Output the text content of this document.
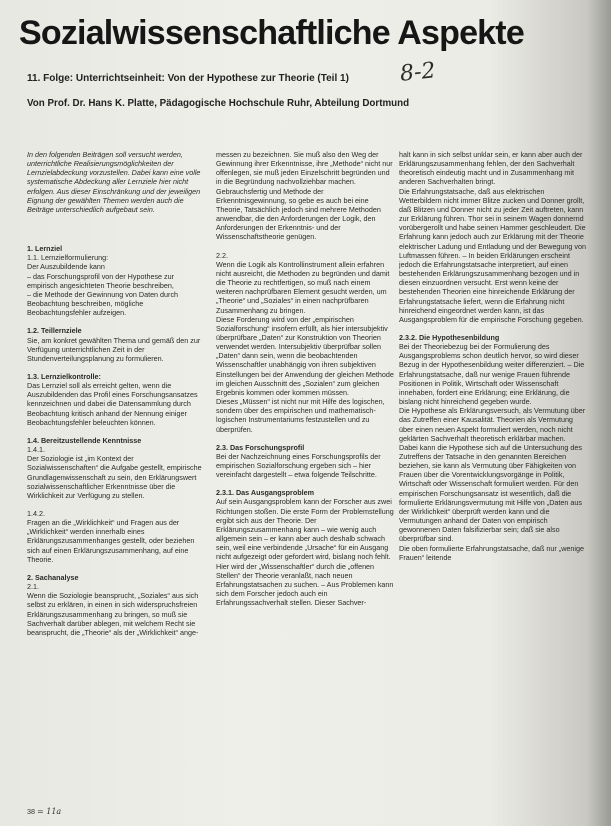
Sozialwissenschaftliche Aspekte

11. Folge: Unterrichtseinheit: Von der Hypothese zur Theorie (Teil 1) 8-2

Von Prof. Dr. Hans K. Platte, Pädagogische Hochschule Ruhr, Abteilung Dortmund

In den folgenden Beiträgen soll versucht werden, unterrichtliche Realisierungsmöglichkeiten der Lernzielabdeckung vorzustellen. Dabei kann eine volle systematische Abdeckung aller Lernziele hier nicht erfolgen. Aus dieser Einschränkung und der jeweiligen Eignung der gewählten Themen werden auch die Beiträge unterschiedlich aufgebaut sein.

1. Lernziel

1.1. Lernzielformulierung:

Der Auszubildende kann

– das Forschungsprofil von der Hypothese zur empirisch angesichteten Theorie beschreiben,

– die Methode der Gewinnung von Daten durch Beobachtung beschreiben, mögliche Beobachtungsfehler aufzeigen.

1.2. Teillernziele

Sie, am konkret gewählten Thema und gemäß den zur Verfügung unterrichtlichen Zeit in der Stundenverteilungsplanung zu formulieren.

1.3. Lernzielkontrolle:

Das Lernziel soll als erreicht gelten, wenn die Auszubildenden das Profil eines Forschungsansatzes kennzeichnen und dabei die Datensammlung durch Beobachtung kritisch anhand der Nennung einiger Beobachtungsfehler beleuchten können.

1.4. Bereitzustellende Kenntnisse

1.4.1.

Der Soziologie ist „im Kontext der Sozialwissenschaften“ die Aufgabe gestellt, empirische Grundlagenwissenschaft zu sein, den Erklärungswert sozialwissenschaftlicher Erkenntnisse über die Wirklichkeit zur Verfügung zu stellen.

1.4.2.

Fragen an die „Wirklichkeit“ und Fragen aus der „Wirklichkeit“ werden innerhalb eines Erklärungszusammenhanges gestellt, oder beziehen sich auf einen Erklärungszusammenhang, auf eine Theorie.

2. Sachanalyse

2.1.

Wenn die Soziologie beansprucht, „Soziales“ aus sich selbst zu erklären, in einen in sich widerspruchsfreien Erklärungszusammenhang zu bringen, so muß sie Sachverhalt darüber ablegen, mit welchem Recht sie beansprucht, die „Theorie“ als der „Wirklichkeit“ ange-

messen zu bezeichnen. Sie muß also den Weg der Gewinnung ihrer Erkenntnisse, ihre „Methode“ nicht nur offenlegen, sie muß jeden Einzelschritt begründen und in die Begründung nachvollziehbar machen. Gebrauchsfertig und Methode der Erkenntnisgewinnung, so gebe es auch bei eine Theorie, Tatsächlich jedoch sind mehrere Methoden anwendbar, die den Anforderungen der Logik, den Anforderungen der Erkenntnis- und der Wissenschaftstheorie genügen.

2.2.

Wenn die Logik als Kontrollinstrument allein erfahren nicht ausreicht, die Methoden zu begründen und damit die Theorie zu rechtfertigen, so muß nach einem weiteren nachprüfbaren Element gesucht werden, um „Theorie“ und „Soziales“ in einen nachprüfbaren Zusammenhang zu bringen.

Diese Forderung wird von der „empirischen Sozialforschung“ insofern erfüllt, als hier intersubjektiv überprüfbare „Daten“ zur Konstruktion von Theorien verwendet werden. Intersubjektiv überprüfbar sollen „Daten“ dann sein, wenn die beobachtenden Wissenschaftler unabhängig von ihren subjektiven Einstellungen bei der Anwendung der gleichen Methode im gleichen Ausschnitt des „Sozialen“ zum gleichen Ergebnis kommen oder kommen müssen.

Dieses „Müssen“ ist nicht nur mit Hilfe des logischen, sondern über des empirischen und mathematisch-logischen Instrumentariums festzustellen und zu überprüfen.

2.3. Das Forschungsprofil

Bei der Nachzeichnung eines Forschungsprofils der empirischen Sozialforschung ergeben sich – hier vereinfacht dargestellt – etwa folgende Teilschritte.

2.3.1. Das Ausgangsproblem

Auf sein Ausgangsproblem kann der Forscher aus zwei Richtungen stoßen. Die erste Form der Problemstellung ergibt sich aus der Theorie. Der Erklärungszusammenhang kann – wie wenig auch allgemein sein – er kann aber auch deshalb schwach sein, weil eine verbindende „Ursache“ für ein Ausgang nicht aufgezeigt oder gefordert wird, bislang noch fehlt. Hier wird der „Wissenschaftler“ durch die „offenen Stellen“ der Theorie veranlaßt, nach neuen Erfahrungstatsachen zu suchen. – Aus Problemen kann sich dem Forscher jedoch auch ein Erfahrungssachverhalt stellen. Dieser Sachver-

halt kann in sich selbst unklar sein, er kann aber auch der Erklärungszusammenhang fehlen, der den Sachverhalt theoretisch eindeutig macht und in Zusammenhang mit anderen Sachverhalten bringt.

Die Erfahrungstatsache, daß aus elektrischen Wetterbildern nicht immer Blitze zucken und Donner grollt, daß Blitzen und Donner nicht zu jeder Zeit auftreten, kann zur Erklärung führen. Thor sei in seinem Wagen donnernd vorübergerollt und habe seinen Hammer geschleudert. Die Erfahrung kann jedoch auch zur Erklärung mit der Theorie elektrischer Ladung und Entladung und der Bewegung von Luftmassen führen. – In beiden Erklärungen erscheint jedoch die Erfahrungstatsache interpretiert, auf einen bestehenden Erklärungszusammenhang bezogen und in diesen einzuordnen versucht. Erst wenn keine der bestehenden Theorien eine hinreichende Erklärung der Erfahrungstatsache liefert, wenn die Erfahrung nicht hinreichend eingeordnet werden kann, ist das Ausgangsproblem für die empirische Forschung gegeben.

2.3.2. Die Hypothesenbildung

Bei der Theoriebezug bei der Formulierung des Ausgangsproblems schon deutlich hervor, so wird dieser Bezug in der Hypothesenbildung weiter differenziert. – Die Erfahrungstatsache, daß nur wenige Frauen führende Positionen in Politik, Wirtschaft oder Wissenschaft innehaben, fordert eine Erklärung; eine Erklärung, die bislang nicht hinreichend gegeben wurde.

Die Hypothese als Erklärungsversuch, als Vermutung über das Zutreffen einer Kausalität. Theorien als Vermutung über einen neuen Aspekt formuliert werden, noch nicht geklärten Sachverhalt theoretisch erklärbar machen.

Dabei kann die Hypothese sich auf die Untersuchung des Zutreffens der Tatsache in den genannten Bereichen beziehen, sie kann als Vermutung über Fähigkeiten von Frauen über die Vorentwicklungsvorgänge in Politik, Wirtschaft oder Wissenschaft formuliert werden. Für den empirischen Forschungsansatz ist wesentlich, daß die formulierte Erklärungsvermutung mit Hilfe von „Daten aus der Wirklichkeit“ überprüft werden kann und die Vermutungen anhand der Daten von empirisch gewonnenen Daten falsifizierbar sein; daß sie also überprüfbar sind.

Die oben formulierte Erfahrungstatsache, daß nur „wenige Frauen“ leitende

38 = 11a
